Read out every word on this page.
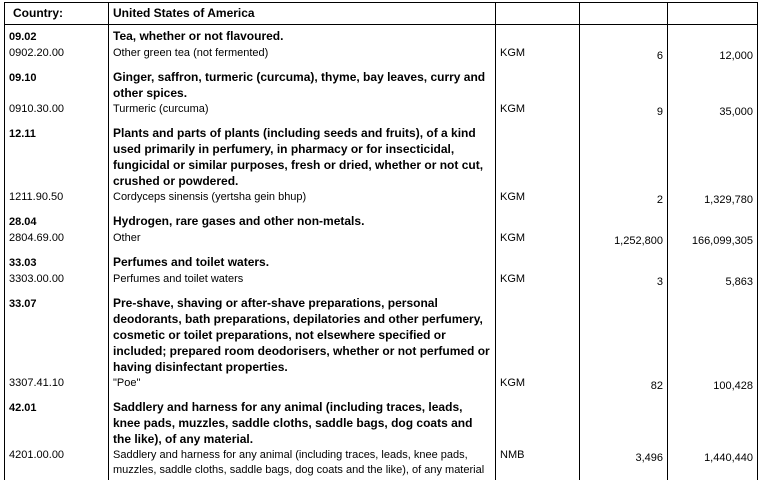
Country:	United States of America			
09.02	Tea, whether or not flavoured.			
0902.20.00	Other green tea (not fermented)	KGM	6	12,000
09.10	Ginger, saffron, turmeric (curcuma), thyme, bay leaves, curry and other spices.			
0910.30.00	Turmeric (curcuma)	KGM	9	35,000
12.11	Plants and parts of plants (including seeds and fruits), of a kind used primarily in perfumery, in pharmacy or for insecticidal, fungicidal or similar purposes, fresh or dried, whether or not cut, crushed or powdered.			
1211.90.50	Cordyceps sinensis (yertsha gein bhup)	KGM	2	1,329,780
28.04	Hydrogen, rare gases and other non-metals.			
2804.69.00	Other	KGM	1,252,800	166,099,305
33.03	Perfumes and toilet waters.			
3303.00.00	Perfumes and toilet waters	KGM	3	5,863
33.07	Pre-shave, shaving or after-shave preparations, personal deodorants, bath preparations, depilatories and other perfumery, cosmetic or toilet preparations, not elsewhere specified or included; prepared room deodorisers, whether or not perfumed or having disinfectant properties.			
3307.41.10	"Poe"	KGM	82	100,428
42.01	Saddlery and harness for any animal (including traces, leads, knee pads, muzzles, saddle cloths, saddle bags, dog coats and the like), of any material.			
4201.00.00	Saddlery and harness for any animal (including traces, leads, knee pads, muzzles, saddle cloths, saddle bags, dog coats and the like), of any material	NMB	3,496	1,440,440
